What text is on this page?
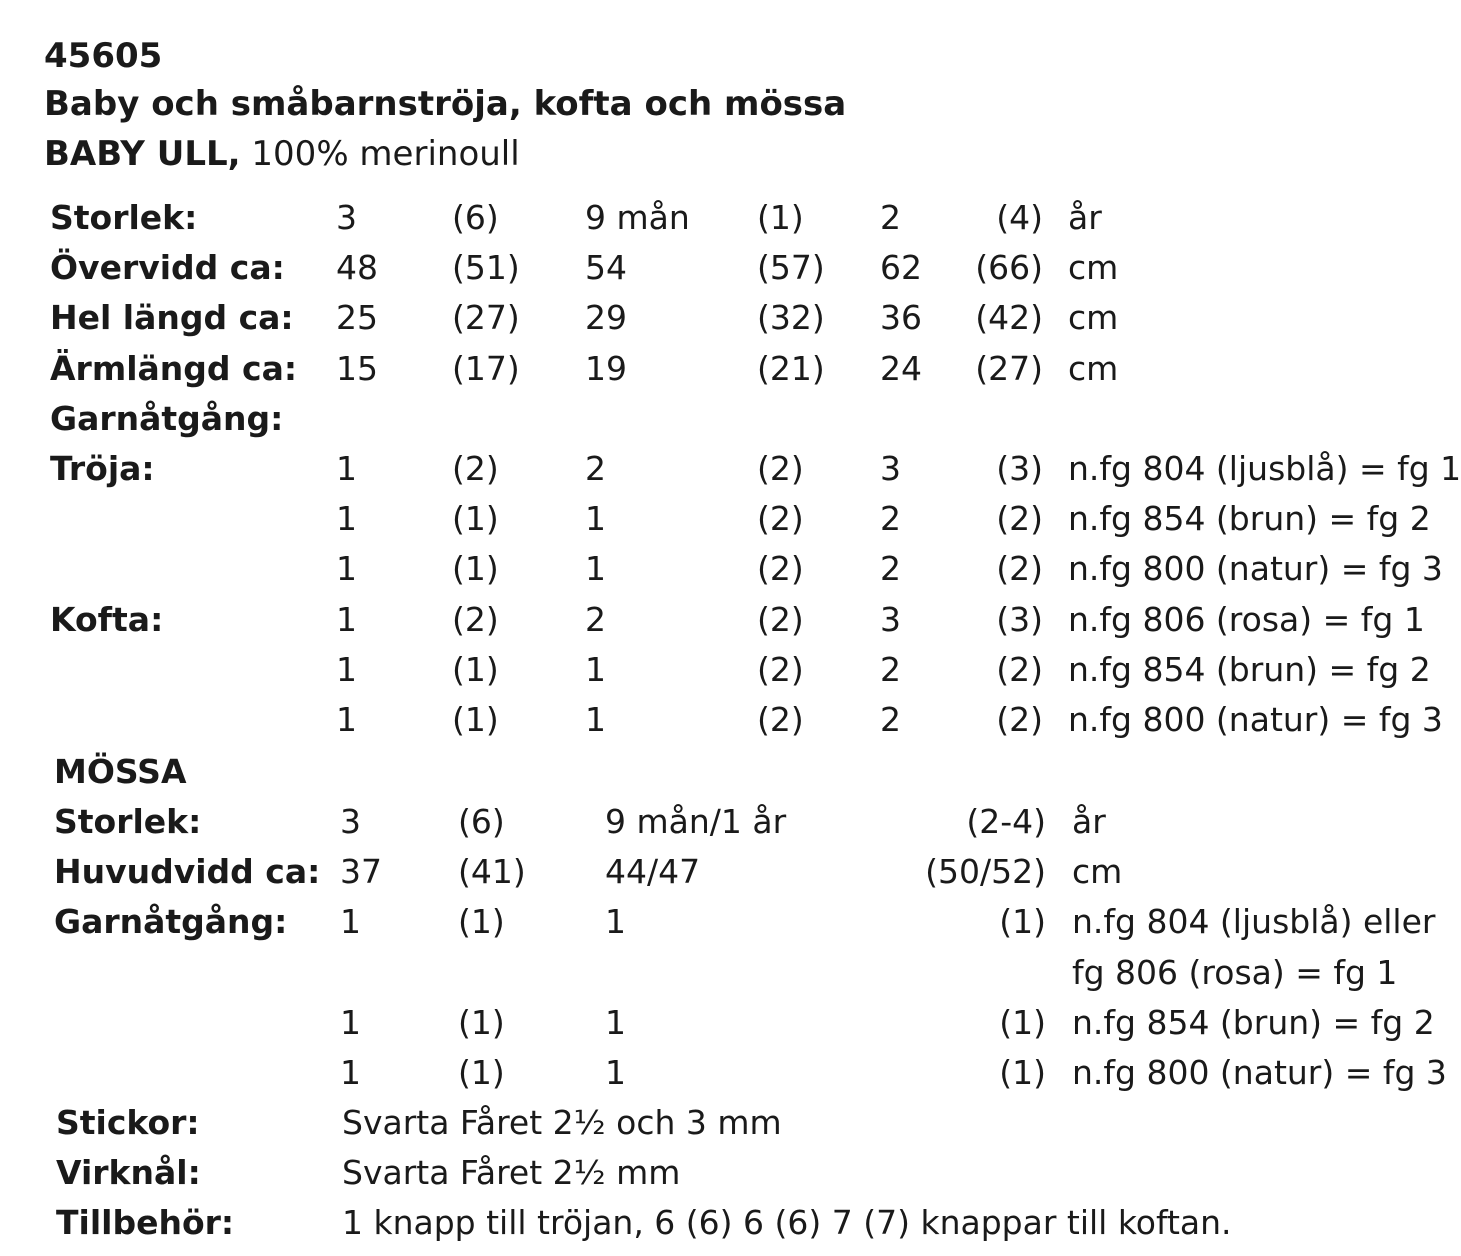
45605
Baby och småbarnströja, kofta och mössa
BABY ULL, 100% merinoull
Storlek:	3	(6)	9 mån (1) 2	(4) år
Övervidd ca: 48 (51) 54	(57) 62 (66) cm
Hel längd ca: 25 (27) 29	(32) 36 (42) cm
Ärmlängd ca: 15 (17) 19	(21) 24 (27) cm
Garnåtgång:
Tröja:	1	(2)	2	(2) 3	(3) n.fg 804 (ljusblå) = fg 1
1	(1)	1	(2) 2	(2) n.fg 854 (brun) = fg 2
1	(1)	1	(2) 2	(2) n.fg 800 (natur) = fg 3
Kofta:	1	(2)	2	(2) 3	(3) n.fg 806 (rosa) = fg 1
1	(1)	1	(2) 2	(2) n.fg 854 (brun) = fg 2
1	(1)	1	(2) 2	(2) n.fg 800 (natur) = fg 3
MÖSSA
Storlek:	3	(6)	9 mån/1 år	(2-4) år
Huvudvidd ca: 37 (41) 44/47	(50/52) cm
Garnåtgång: 1	(1)	1	(1) n.fg 804 (ljusblå) eller
fg 806 (rosa) = fg 1
1	(1)	1	(1) n.fg 854 (brun) = fg 2
1	(1)	1	(1) n.fg 800 (natur) = fg 3
Stickor:	Svarta Fåret 2½ och 3 mm
Virknål:	Svarta Fåret 2½ mm
Tillbehör:	1 knapp till tröjan, 6 (6) 6 (6) 7 (7) knappar till koftan.
